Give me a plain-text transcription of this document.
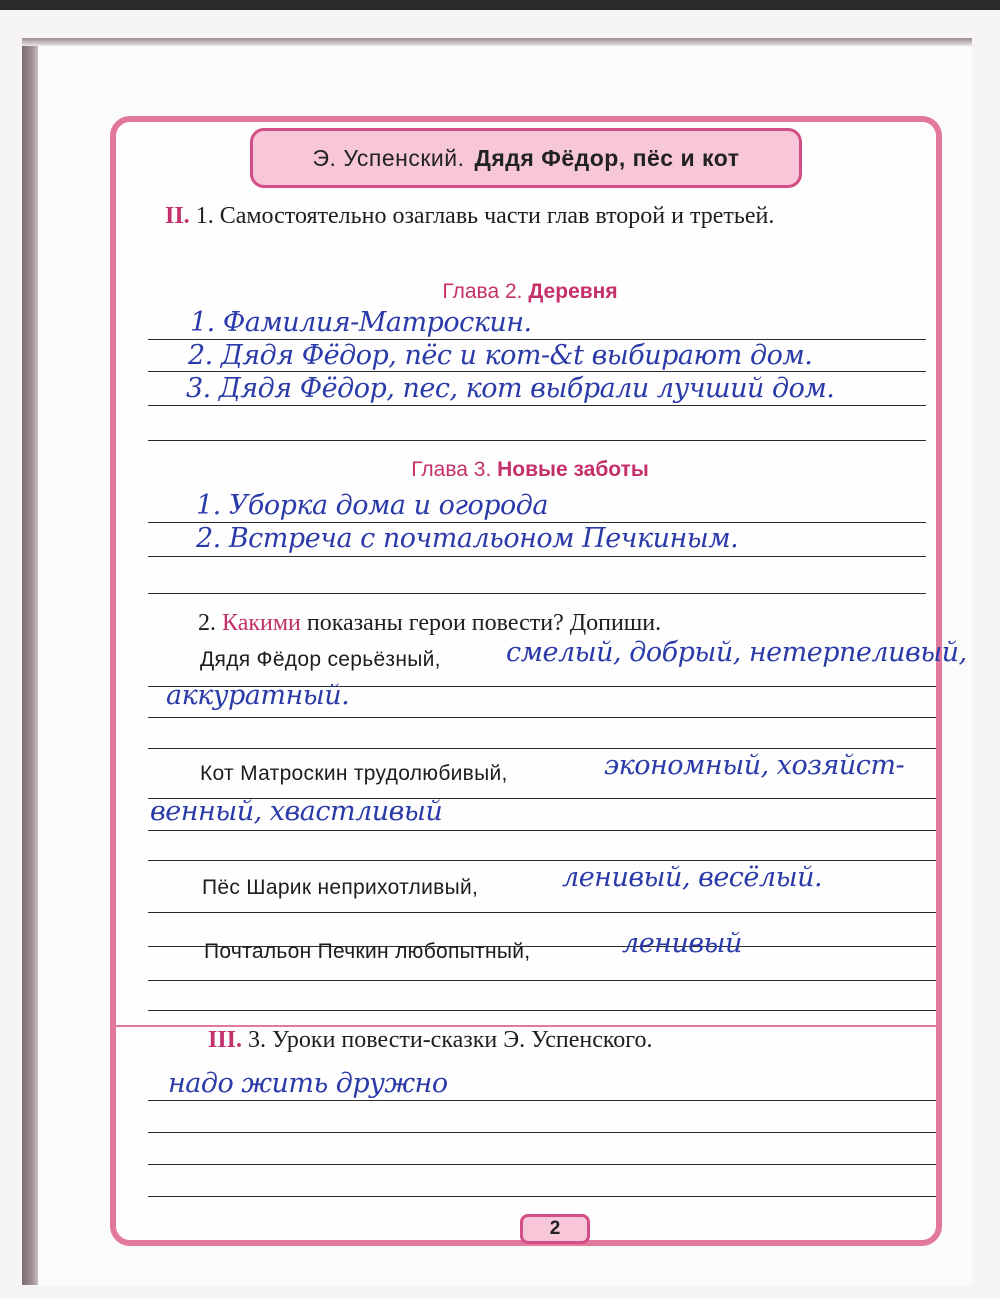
Э. Успенский. Дядя Фёдор, пёс и кот
II. 1. Самостоятельно озаглавь части глав второй и третьей.
Глава 2. Деревня
1. Фамилия-Матроскин.
2. Дядя Фёдор, пёс и кот-&t выбирают дом.
3. Дядя Фёдор, пес, кот выбрали лучший дом.
Глава 3. Новые заботы
1. Уборка дома и огорода
2. Встреча с почтальоном Печкиным.
2. Какими показаны герои повести? Допиши.
Дядя Фёдор серьёзный, смелый, добрый, нетерпеливый,
аккуратный.
Кот Матроскин трудолюбивый,	экономный, хозяйст-
венный, хвастливый
Пёс Шарик неприхотливый,	ленивый, весёлый.
Почтальон Печкин любопытный,	ленивый
III. 3. Уроки повести-сказки Э. Успенского.
надо жить дружно
2
